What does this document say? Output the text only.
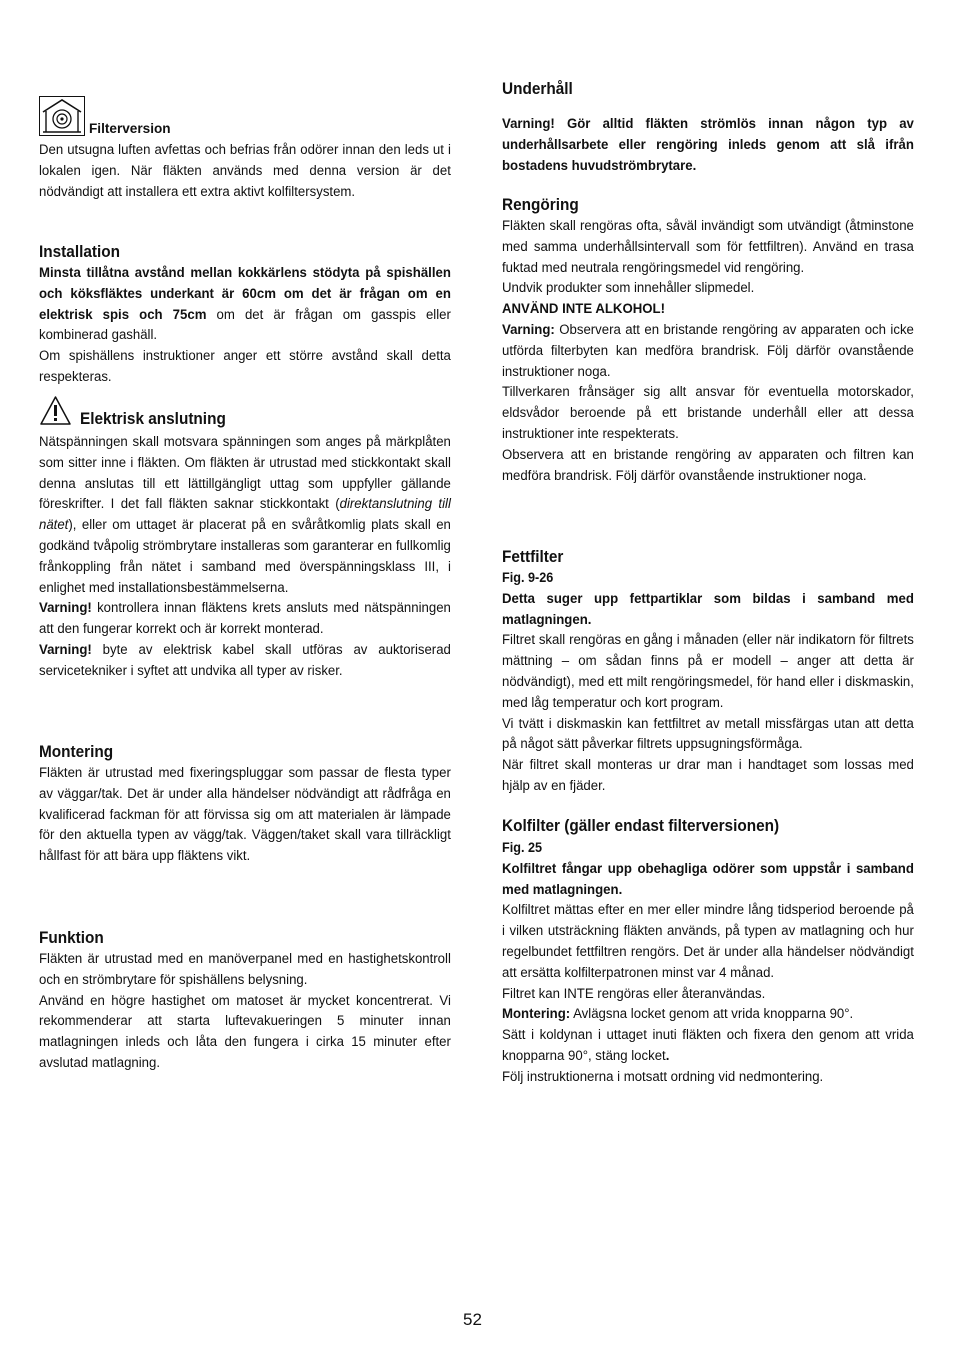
Filterversion

Den utsugna luften avfettas och befrias från odörer innan den leds ut i lokalen igen. När fläkten används med denna version är det nödvändigt att installera ett extra aktivt kolfiltersystem.

Installation

Minsta tillåtna avstånd mellan kokkärlens stödyta på spishällen och köksfläktes underkant är 60cm om det är frågan om en elektrisk spis och 75cm om det är frågan om gasspis eller kombinerad gashäll.

Om spishällens instruktioner anger ett större avstånd skall detta respekteras.

Elektrisk anslutning

Nätspänningen skall motsvara spänningen som anges på märkplåten som sitter inne i fläkten. Om fläkten är utrustad med stickkontakt skall denna anslutas till ett lättillgängligt uttag som uppfyller gällande föreskrifter. I det fall fläkten saknar stickkontakt (direktanslutning till nätet), eller om uttaget är placerat på en svåråtkomlig plats skall en godkänd tvåpolig strömbrytare installeras som garanterar en fullkomlig frånkoppling från nätet i samband med överspänningsklass III, i enlighet med installationsbestämmelserna.

Varning! kontrollera innan fläktens krets ansluts med nätspänningen att den fungerar korrekt och är korrekt monterad.

Varning! byte av elektrisk kabel skall utföras av auktoriserad servicetekniker i syftet att undvika all typer av risker.

Montering

Fläkten är utrustad med fixeringspluggar som passar de flesta typer av väggar/tak. Det är under alla händelser nödvändigt att rådfråga en kvalificerad fackman för att förvissa sig om att materialen är lämpade för den aktuella typen av vägg/tak. Väggen/taket skall vara tillräckligt hållfast för att bära upp fläktens vikt.

Funktion

Fläkten är utrustad med en manöverpanel med en hastighetskontroll och en strömbrytare för spishällens belysning.

Använd en högre hastighet om matoset är mycket koncentrerat. Vi rekommenderar att starta luftevakueringen 5 minuter innan matlagningen inleds och låta den fungera i cirka 15 minuter efter avslutad matlagning.

Underhåll

Varning! Gör alltid fläkten strömlös innan någon typ av underhållsarbete eller rengöring inleds genom att slå ifrån bostadens huvudströmbrytare.

Rengöring

Fläkten skall rengöras ofta, såväl invändigt som utvändigt (åtminstone med samma underhållsintervall som för fettfiltren). Använd en trasa fuktad med neutrala rengöringsmedel vid rengöring.

Undvik produkter som innehåller slipmedel.

ANVÄND INTE ALKOHOL!

Varning: Observera att en bristande rengöring av apparaten och icke utförda filterbyten kan medföra brandrisk. Följ därför ovanstående instruktioner noga.

Tillverkaren frånsäger sig allt ansvar för eventuella motorskador, eldsvådor beroende på ett bristande underhåll eller att dessa instruktioner inte respekterats.

Observera att en bristande rengöring av apparaten och filtren kan medföra brandrisk. Följ därför ovanstående instruktioner noga.

Fettfilter

Fig. 9-26

Detta suger upp fettpartiklar som bildas i samband med matlagningen.

Filtret skall rengöras en gång i månaden (eller när indikatorn för filtrets mättning – om sådan finns på er modell – anger att detta är nödvändigt), med ett milt rengöringsmedel, för hand eller i diskmaskin, med låg temperatur och kort program.

Vi tvätt i diskmaskin kan fettfiltret av metall missfärgas utan att detta på något sätt påverkar filtrets uppsugningsförmåga.

När filtret skall monteras ur drar man i handtaget som lossas med hjälp av en fjäder.

Kolfilter (gäller endast filterversionen)

Fig. 25

Kolfiltret fångar upp obehagliga odörer som uppstår i samband med matlagningen.

Kolfiltret mättas efter en mer eller mindre lång tidsperiod beroende på i vilken utsträckning fläkten används, på typen av matlagning och hur regelbundet fettfiltren rengörs. Det är under alla händelser nödvändigt att ersätta kolfilterpatronen minst var 4 månad.

Filtret kan INTE rengöras eller återanvändas.

Montering: Avlägsna locket genom att vrida knopparna 90°.

Sätt i koldynan i uttaget inuti fläkten och fixera den genom att vrida knopparna 90°, stäng locket.

Följ instruktionerna i motsatt ordning vid nedmontering.

52
